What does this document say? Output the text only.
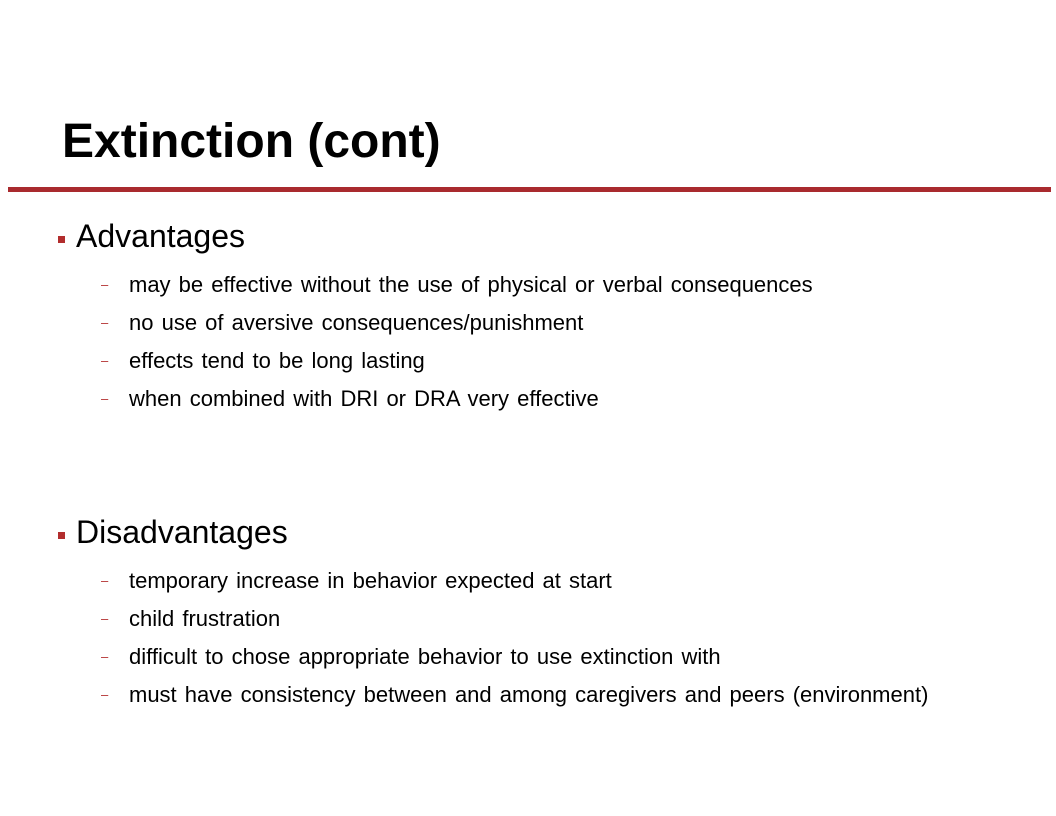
Extinction (cont)
Advantages
– may be effective without the use of physical or verbal consequences
– no use of aversive consequences/punishment
– effects tend to be long lasting
– when combined with DRI or DRA very effective
Disadvantages
– temporary increase in behavior expected at start
– child frustration
– difficult to chose appropriate behavior to use extinction with
– must have consistency between and among caregivers and peers (environment)
